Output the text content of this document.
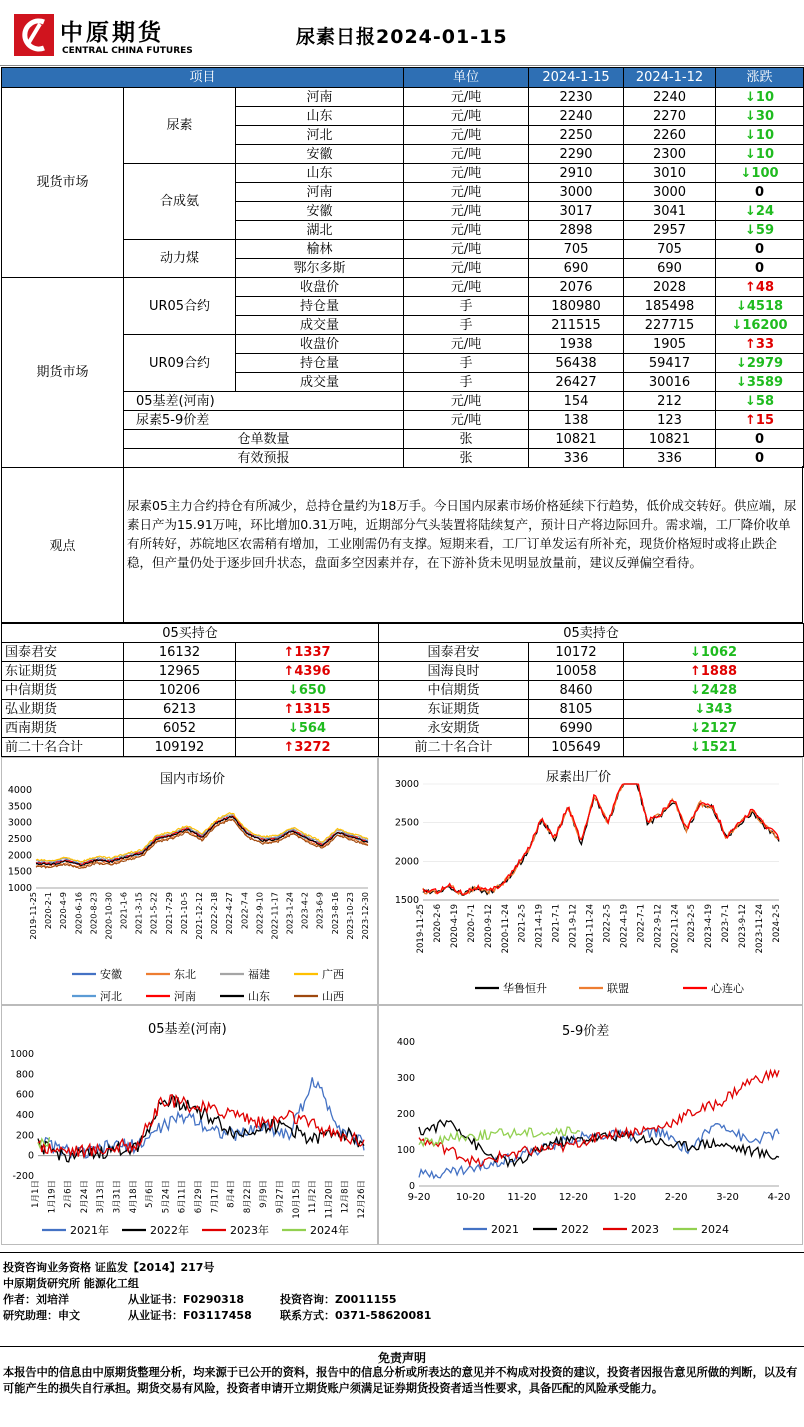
中原期货
CENTRAL CHINA FUTURES
尿素日报2024-01-15
项目			单位	2024-1-15	2024-1-12	涨跌
现货市场	尿素	河南	元/吨	2230	2240	↓10
		山东	元/吨	2240	2270	↓30
		河北	元/吨	2250	2260	↓10
		安徽	元/吨	2290	2300	↓10
	合成氨	山东	元/吨	2910	3010	↓100
		河南	元/吨	3000	3000	0
		安徽	元/吨	3017	3041	↓24
		湖北	元/吨	2898	2957	↓59
	动力煤	榆林	元/吨	705	705	0
		鄂尔多斯	元/吨	690	690	0
期货市场	UR05合约	收盘价	元/吨	2076	2028	↑48
		持仓量	手	180980	185498	↓4518
		成交量	手	211515	227715	↓16200
	UR09合约	收盘价	元/吨	1938	1905	↑33
		持仓量	手	56438	59417	↓2979
		成交量	手	26427	30016	↓3589
	05基差(河南)		元/吨	154	212	↓58
	尿素5-9价差		元/吨	138	123	↑15
	仓单数量		张	10821	10821	0
	有效预报		张	336	336	0
观点
尿素05主力合约持仓有所减少，总持仓量约为18万手。今日国内尿素市场价格延续下行趋势，低价成交转好。供应端，尿素日产为15.91万吨，环比增加0.31万吨，近期部分气头装置将陆续复产，预计日产将边际回升。需求端，工厂降价收单有所转好，苏皖地区农需稍有增加，工业刚需仍有支撑。短期来看，工厂订单发运有所补充，现货价格短时或将止跌企稳，但产量仍处于逐步回升状态，盘面多空因素并存，在下游补货未见明显放量前，建议反弹偏空看待。
05买持仓			05卖持仓		
国泰君安	16132	↑1337	国泰君安	10172	↓1062
东证期货	12965	↑4396	国海良时	10058	↑1888
中信期货	10206	↓650	中信期货	8460	↓2428
弘业期货	6213	↑1315	东证期货	8105	↓343
西南期货	6052	↓564	永安期货	6990	↓2127
前二十名合计	109192	↑3272	前二十名合计	105649	↓1521
国内市场价
4000
3500
3000
2500
2000
1500
1000
2019-11-25 2020-2-1 2020-4-9 2020-6-16 2020-8-23 2020-10-30 2021-1-6 2021-3-15 2021-5-22 2021-7-29 2021-10-5 2021-12-12 2022-2-18 2022-4-27 2022-7-4 2022-9-10 2022-11-17 2023-1-24 2023-4-2 2023-6-9 2023-8-16 2023-10-23 2023-12-30
安徽	东北	福建	广西
河北	河南	山东	山西
尿素出厂价
3000
2500
2000
1500
2019-11-25 2020-2-6 2020-4-19 2020-7-1 2020-9-12 2020-11-24 2021-2-5 2021-4-19 2021-7-1 2021-9-12 2021-11-24 2022-2-5 2022-4-19 2022-7-1 2022-9-12 2022-11-24 2023-2-5 2023-4-19 2023-7-1 2023-9-12 2023-11-24 2024-2-5
华鲁恒升	联盟	心连心
05基差(河南)
1000
800
600
400
200
0
-200
1月1日 1月19日 2月6日 2月24日 3月13日 3月31日 4月18日 5月6日 5月24日 6月11日 6月29日 7月17日 8月4日 8月22日 9月9日 9月27日 10月15日 11月2日 11月20日 12月8日 12月26日
2021年	2022年	2023年	2024年
5-9价差
400
300
200
100
0
9-20	10-20 11-20 12-20	1-20	2-20	3-20	4-20
2021	2022	2023	2024
投资咨询业务资格 证监发【2014】217号
中原期货研究所 能源化工组
作者：刘培洋	从业证书：F0290318	投资咨询：Z0011155
研究助理：申文	从业证书：F03117458	联系方式：0371-58620081
免责声明
本报告中的信息由中原期货整理分析，均来源于已公开的资料，报告中的信息分析或所表达的意见并不构成对投资的建议，投资者因报告意见所做的判断，以及有可能产生的损失自行承担。期货交易有风险，投资者申请开立期货账户须满足证券期货投资者适当性要求，具备匹配的风险承受能力。
